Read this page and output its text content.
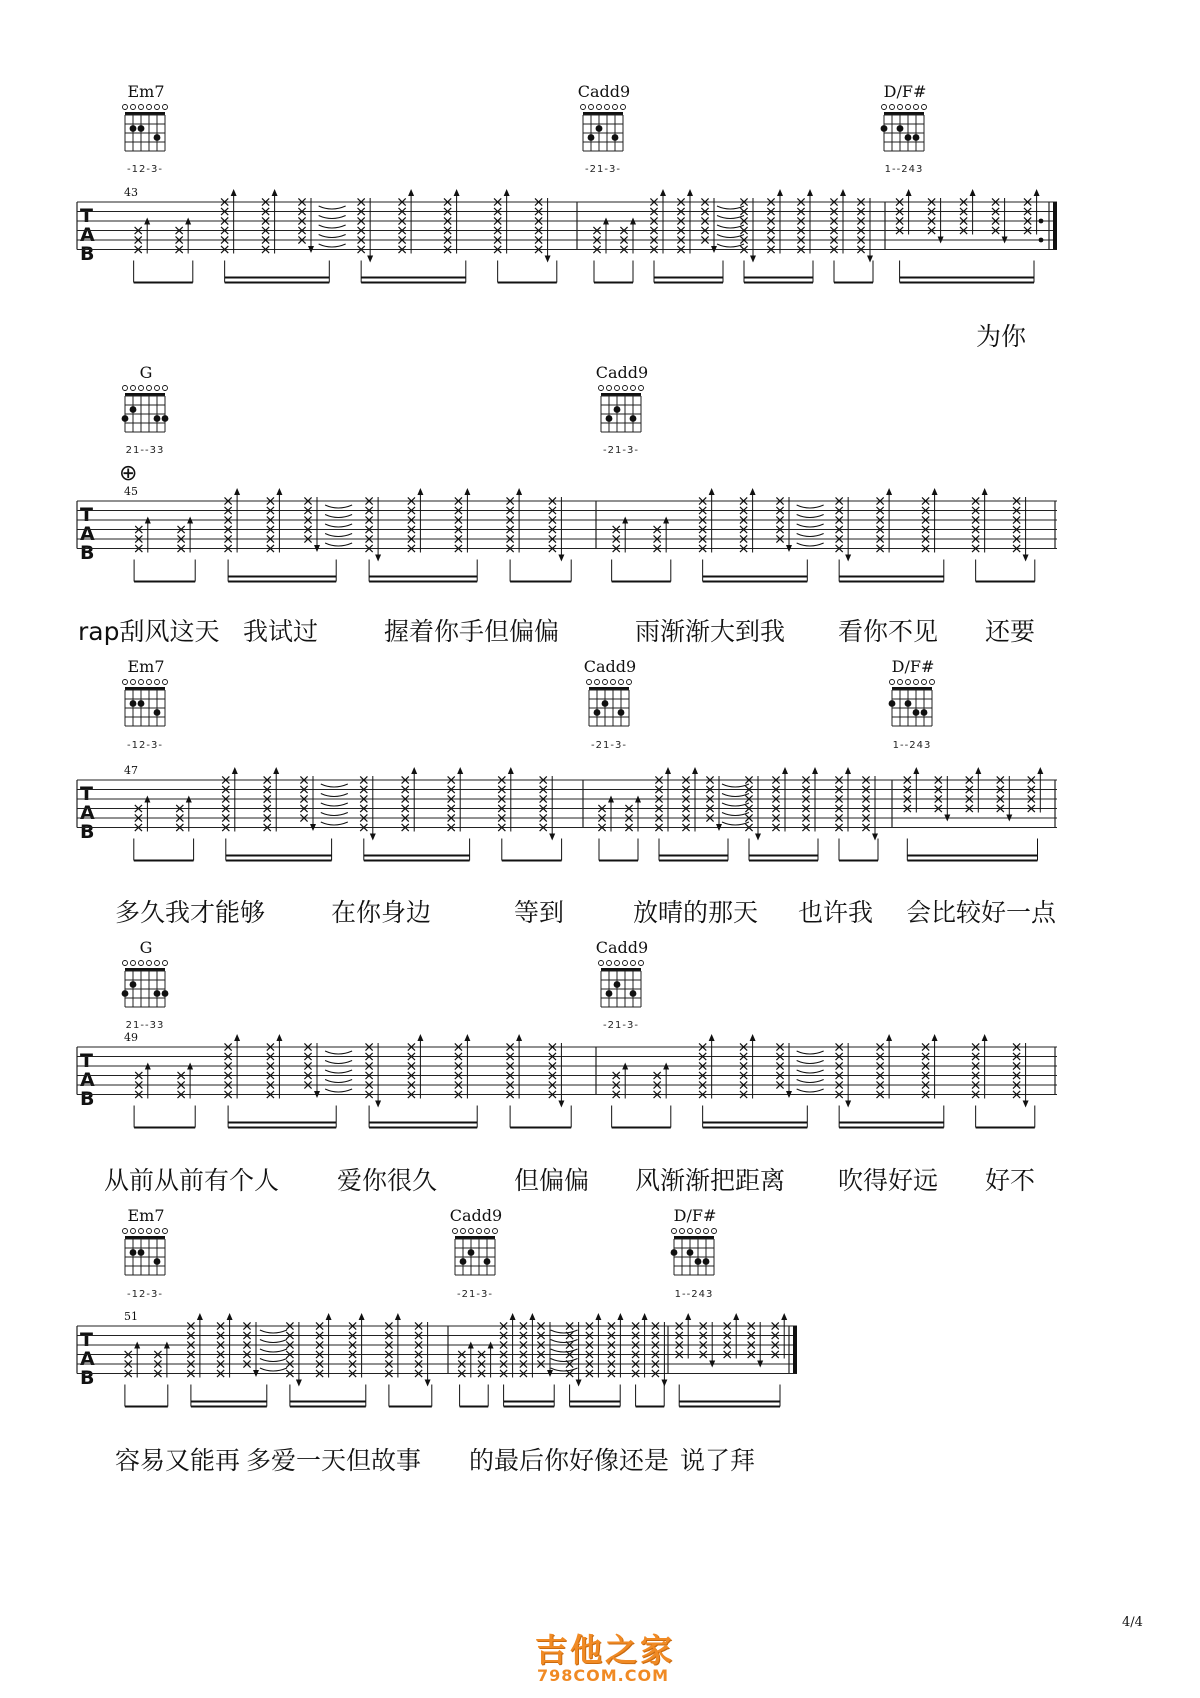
Em7
-12-3-
Cadd9
-21-3-
D/F#
1--243
G
21--33
Cadd9
-21-3-
Em7
-12-3-
Cadd9
-21-3-
D/F#
1--243
G
21--33
Cadd9
-21-3-
Em7
-12-3-
Cadd9
-21-3-
D/F#
1--243
T
A
B
T
A
B
T
A
B
T
A
B
T
A
B
43
45
47
49
51
⊕
为你
rap刮风这天 我试过	握着你手但偏偏	雨渐渐大到我 看你不见 还要
多久我才能够	在你身边	等到	放晴的那天 也许我 会比较好一点
从前从前有个人 爱你很久	但偏偏 风渐渐把距离 吹得好远 好不
容易又能再 多爱一天但故事 的最后你好像还是 说了拜
4/4
吉他之家
798COM.COM
